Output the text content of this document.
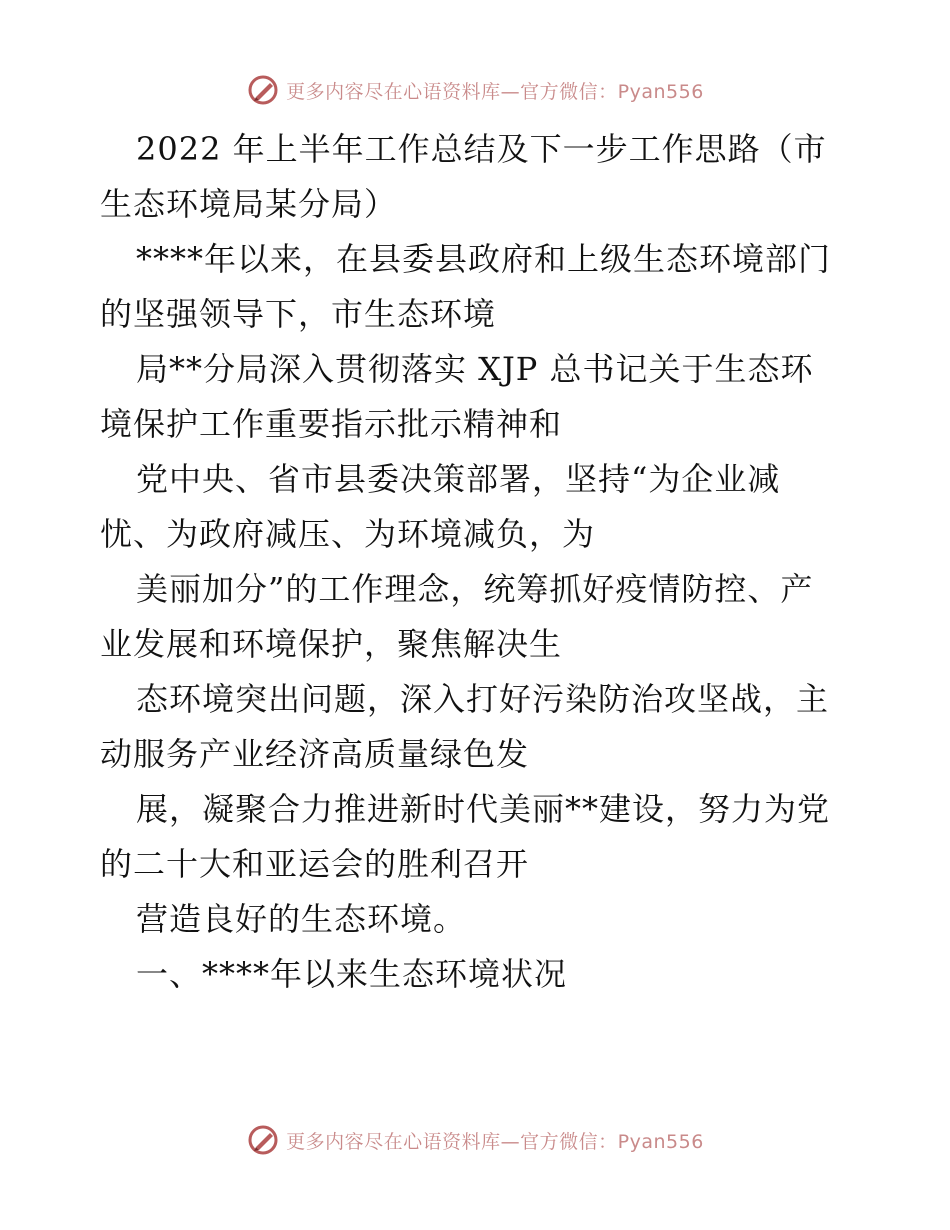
更多内容尽在心语资料库—官方微信：Pyan556
2022 年上半年工作总结及下一步工作思路（市
生态环境局某分局）
****年以来，在县委县政府和上级生态环境部门
的坚强领导下，市生态环境
局**分局深入贯彻落实 XJP 总书记关于生态环
境保护工作重要指示批示精神和
党中央、省市县委决策部署，坚持“为企业减
忧、为政府减压、为环境减负，为
美丽加分”的工作理念，统筹抓好疫情防控、产
业发展和环境保护，聚焦解决生
态环境突出问题，深入打好污染防治攻坚战，主
动服务产业经济高质量绿色发
展，凝聚合力推进新时代美丽**建设，努力为党
的二十大和亚运会的胜利召开
营造良好的生态环境。
一、****年以来生态环境状况
更多内容尽在心语资料库—官方微信：Pyan556
